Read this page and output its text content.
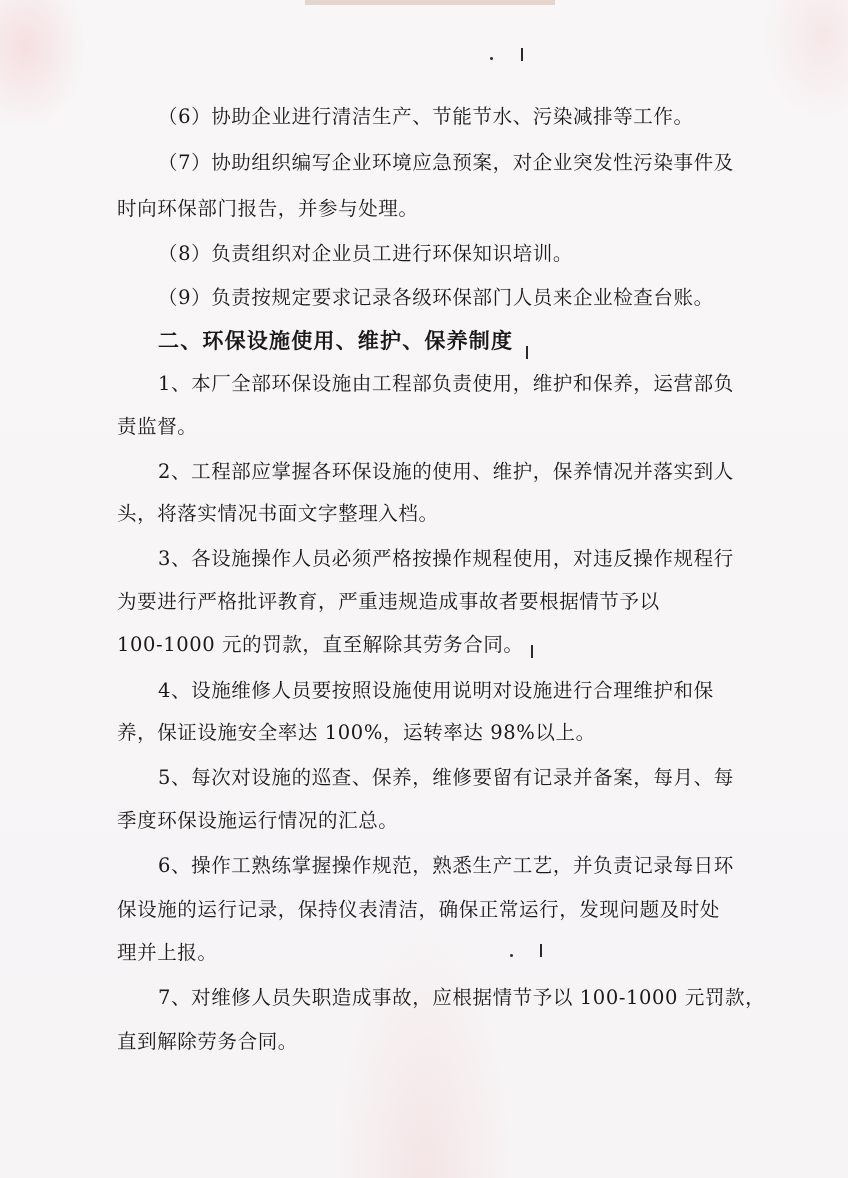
（6）协助企业进行清洁生产、节能节水、污染减排等工作。
（7）协助组织编写企业环境应急预案，对企业突发性污染事件及
时向环保部门报告，并参与处理。
（8）负责组织对企业员工进行环保知识培训。
（9）负责按规定要求记录各级环保部门人员来企业检查台账。
二、环保设施使用、维护、保养制度
1、本厂全部环保设施由工程部负责使用，维护和保养，运营部负
责监督。
2、工程部应掌握各环保设施的使用、维护，保养情况并落实到人
头，将落实情况书面文字整理入档。
3、各设施操作人员必须严格按操作规程使用，对违反操作规程行
为要进行严格批评教育，严重违规造成事故者要根据情节予以
100-1000 元的罚款，直至解除其劳务合同。
4、设施维修人员要按照设施使用说明对设施进行合理维护和保
养，保证设施安全率达 100%，运转率达 98%以上。
5、每次对设施的巡查、保养，维修要留有记录并备案，每月、每
季度环保设施运行情况的汇总。
6、操作工熟练掌握操作规范，熟悉生产工艺，并负责记录每日环
保设施的运行记录，保持仪表清洁，确保正常运行，发现问题及时处
理并上报。
7、对维修人员失职造成事故，应根据情节予以 100-1000 元罚款，
直到解除劳务合同。
